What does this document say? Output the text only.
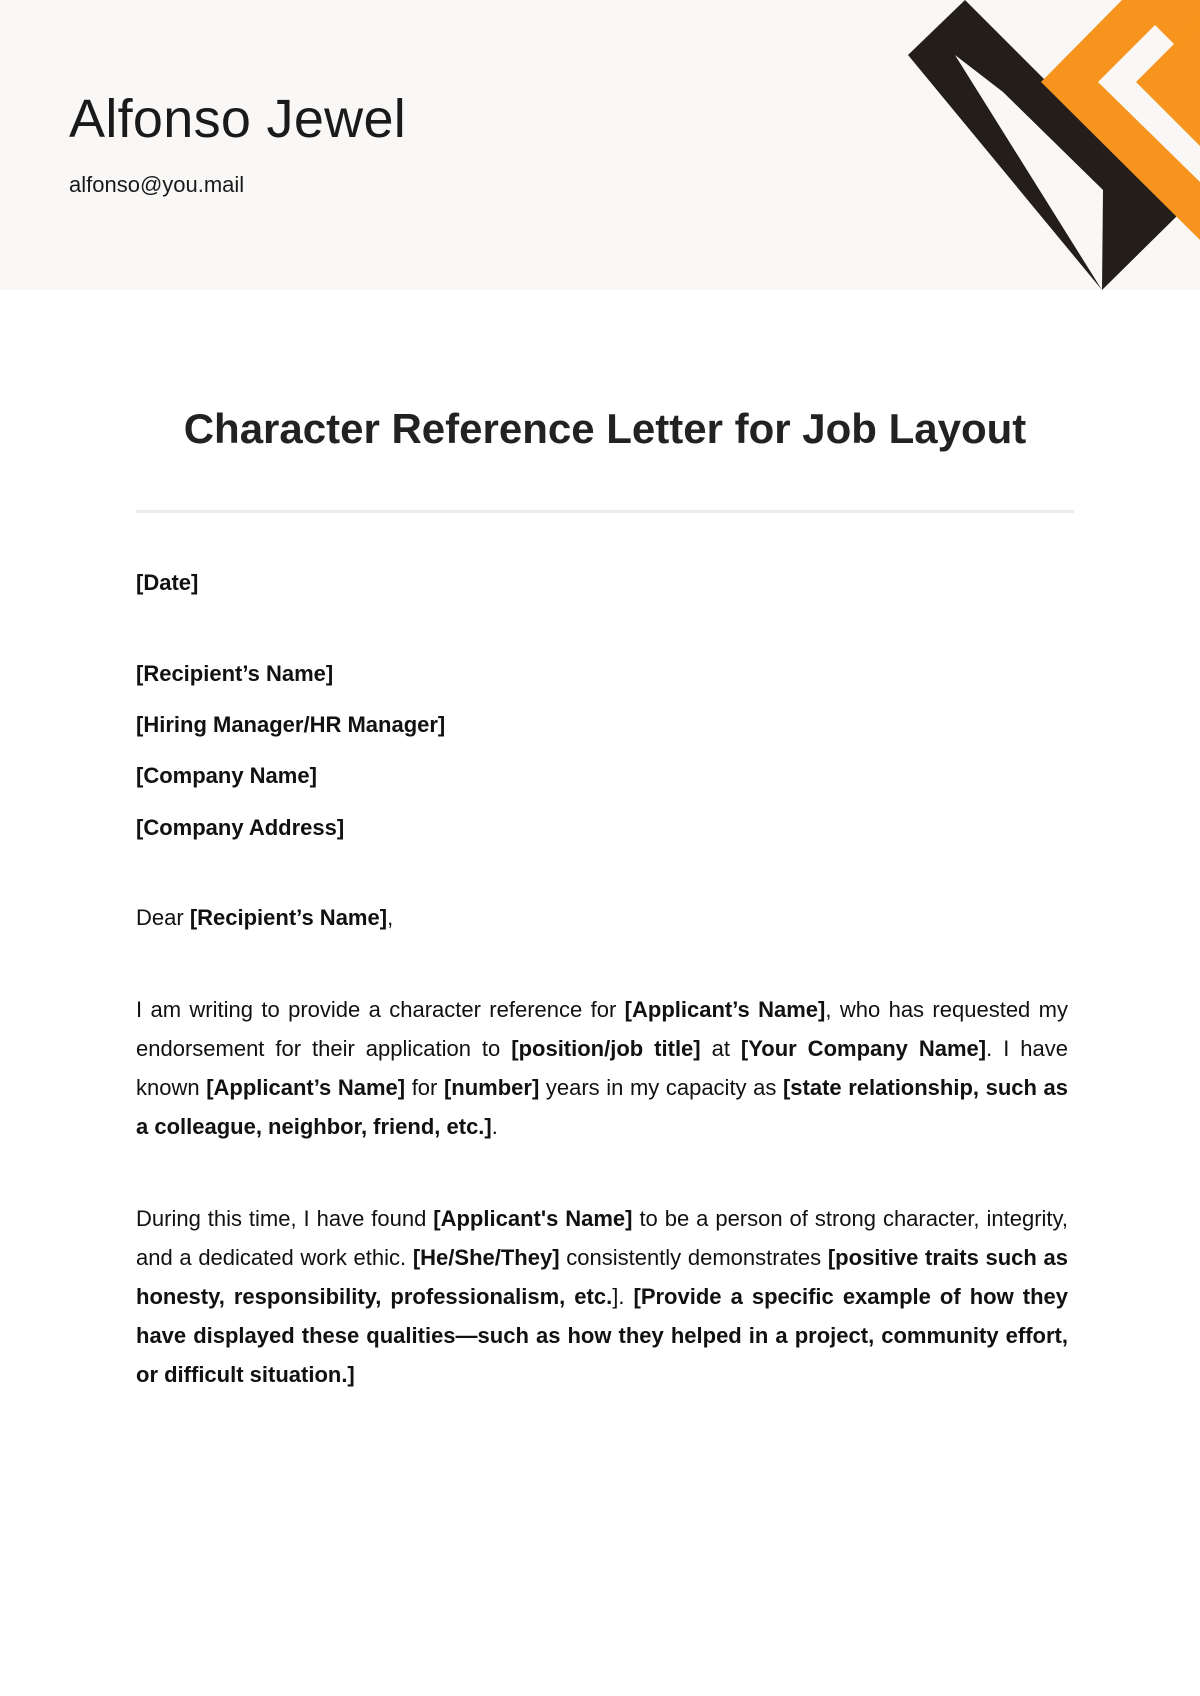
Alfonso Jewel
alfonso@you.mail
Character Reference Letter for Job Layout
[Date]
[Recipient’s Name]
[Hiring Manager/HR Manager]
[Company Name]
[Company Address]
Dear [Recipient’s Name],

I am writing to provide a character reference for [Applicant’s Name], who has requested my endorsement for their application to [position/job title] at [Your Company Name]. I have known [Applicant’s Name] for [number] years in my capacity as [state relationship, such as a colleague, neighbor, friend, etc.].

During this time, I have found [Applicant's Name] to be a person of strong character, integrity, and a dedicated work ethic. [He/She/They] consistently demonstrates [positive traits such as honesty, responsibility, professionalism, etc.]. [Provide a specific example of how they have displayed these qualities—such as how they helped in a project, community effort, or difficult situation.]
